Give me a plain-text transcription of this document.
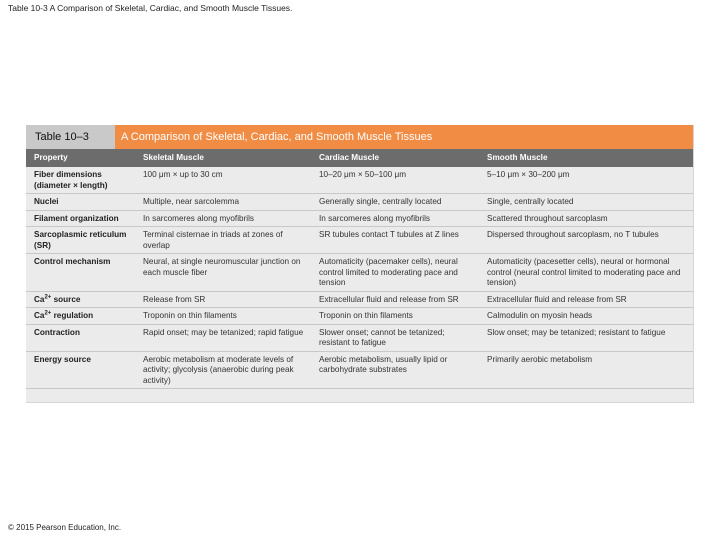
Table 10-3 A Comparison of Skeletal, Cardiac, and Smooth Muscle Tissues.
Table 10–3	A Comparison of Skeletal, Cardiac, and Smooth Muscle Tissues
Property	Skeletal Muscle	Cardiac Muscle	Smooth Muscle
Fiber dimensions (diameter × length)	100 μm × up to 30 cm	10–20 μm × 50–100 μm	5–10 μm × 30–200 μm
Nuclei	Multiple, near sarcolemma	Generally single, centrally located	Single, centrally located
Filament organization	In sarcomeres along myofibrils	In sarcomeres along myofibrils	Scattered throughout sarcoplasm
Sarcoplasmic reticulum (SR)	Terminal cisternae in triads at zones of overlap	SR tubules contact T tubules at Z lines	Dispersed throughout sarcoplasm, no T tubules
Control mechanism	Neural, at single neuromuscular junction on each muscle fiber	Automaticity (pacemaker cells), neural control limited to moderating pace and tension	Automaticity (pacesetter cells), neural or hormonal control (neural control limited to moderating pace and tension)
$Ca^{2+}$ source	Release from SR	Extracellular fluid and release from SR	Extracellular fluid and release from SR
$Ca^{2+}$ regulation	Troponin on thin filaments	Troponin on thin filaments	Calmodulin on myosin heads
Contraction	Rapid onset; may be tetanized; rapid fatigue	Slower onset; cannot be tetanized; resistant to fatigue	Slow onset; may be tetanized; resistant to fatigue
Energy source	Aerobic metabolism at moderate levels of activity; glycolysis (anaerobic during peak activity)	Aerobic metabolism, usually lipid or carbohydrate substrates	Primarily aerobic metabolism
© 2015 Pearson Education, Inc.
